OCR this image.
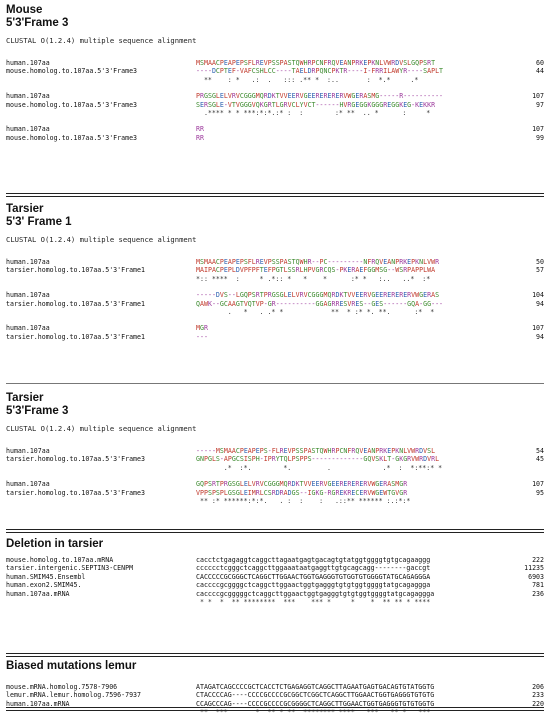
Mouse
5'3'Frame 3
CLUSTAL O(1.2.4) multiple sequence alignment
human.107aa	MSMAACPEAPEPSFLREVPSSPASTQWHRPCNFRQVEANPRKEPKNLVWRDVSLGQPSRT	60
mouse.homolog.to.107aa.5'3'Frame3	----DCPTEF-VAFCSHLCC----TAELDRPQNCPKTR----I-FRRILAWYR----SAPLT	44
**    : *   .:  .   ::: .** *  :..       :  *.*     .*
human.107aa	PRGSGLELVRVCGGGMQRDKTVVEERVGEERERERERVWGERASMG-----R----------	107
mouse.homolog.to.107aa.5'3'Frame3	SERSGLE-VTVGGGVQKGRTLGRVCLYVCT------HVRGEGGKGGGREGGKEG-KEKKR	97
.**** * * ***:*:*.:* :  :        :* **  .. *      :     *
human.107aa	RR	107
mouse.homolog.to.107aa.5'3'Frame3	RR	99
Tarsier
5'3' Frame 1
CLUSTAL O(1.2.4) multiple sequence alignment
human.107aa	MSMAACPEAPEPSFLREVPSSPASTQWHR--PC---------NFRQVEANPRKEPKNLVWR	50
tarsier.homolog.to.107aa.5'3'Frame1	MAIPACPEPLDVPFPFTEFPGTLSSRLHPVGRCQS-PKERAEFGGMSG--WSRPAPPLWA	57
*:: ****  :     * .*:: *   *    *      :* *   :..   ..*  :*
human.107aa	-----DVS--LGQPSRTPRGSGLELVRVCGGGMQRDKTVVEERVGEERERERERVWGERAS	104
tarsier.homolog.to.107aa.5'3'Frame1	QAWK--GCAAGTVQTVP-GR----------GGAGRRESVRES--GES------GQA-GG---	94
.   *   . .* *            **  * :* *. **.      :*  *
human.107aa	MGR	107
tarsier.homolog.to.107aa.5'3'Frame1	---	94
Tarsier
5'3'Frame 3
CLUSTAL O(1.2.4) multiple sequence alignment
human.107aa	-----MSMAACPEAPEPS-FLREVPSSPASTQWHRPCNFRQVEANPRKEPKNLVWRDVSL	54
tarsier.homolog.to.107aa.5'3'Frame3	GNPGLS-APGCSISPH-IPRYTQLPSPPS-------------GQVSKLT-GKGRVWRDVRL	45
.*  :*.        *.         .             .*  :  *:**:* *
human.107aa	GQPSRTPRGSGLELVRVCGGGMQRDKTVVEERVGEERERERERVWGERASMGR	107
tarsier.homolog.to.107aa.5'3'Frame3	VPPSPSPLGSGLEIMRLCSRDRADGS--IGKG-RGREKRECERVWGEWTGVGR	95
** :* ******:*:*.   . :  :    :   .::** ****** :.:*:*
Deletion in tarsier
mouse.homolog.to.107aa.mRNA	cacctctgagaggtcaggcttagaatgagtgacagtgtatggtggggtgtgcagaaggg	222
tarsier.intergenic.SEPTIN3-CENPM	cccccctcgggctcaggcttggaaataatgaggttgtgcagcagg--------gaccgt	11235
human.SMIM45.Ensembl	CACCCCCGCGGGCTCAGGCTTGGAACTGGTGAGGGTGTGGTGTGGGGTATGCAGAGGGA	6903
human.exon2.SMIM45.	caccccgcggggctcaggcttggaactggtgagggtgtgtggtggggtatgcagaggga	781
human.107aa.mRNA	caccccgcgggggctcaggcttggaactggtgagggtgtgtggtggggtatgcagaggga	236
* *  *  ** ********  ***    *** *     *    *  ** ** * ****
Biased mutations lemur
mouse.mRNA.homolog.7578-7906	ATAGATCAGCCCCGCTCACCTCTGAGAGGTCAGGCTTAGAATGAGTGACAGTGTATGGTG	206
lemur.mRNA.lemur.homolog.7596-7937	CTACCCCAG----CCCCGCCCCGCGGCTCGGCTCAGGCTTGGAACTGGTGAGGGTGTGTG	233
human.107aa.mRNA	CCAGCCCAG----CCCCGCCCCGCGGGGCTCAGGCTTGGAACTGGTGAGGGTGTGTGGTG	220
**  ***       *  ** * **  ******** ****   ***   ** *   ***
